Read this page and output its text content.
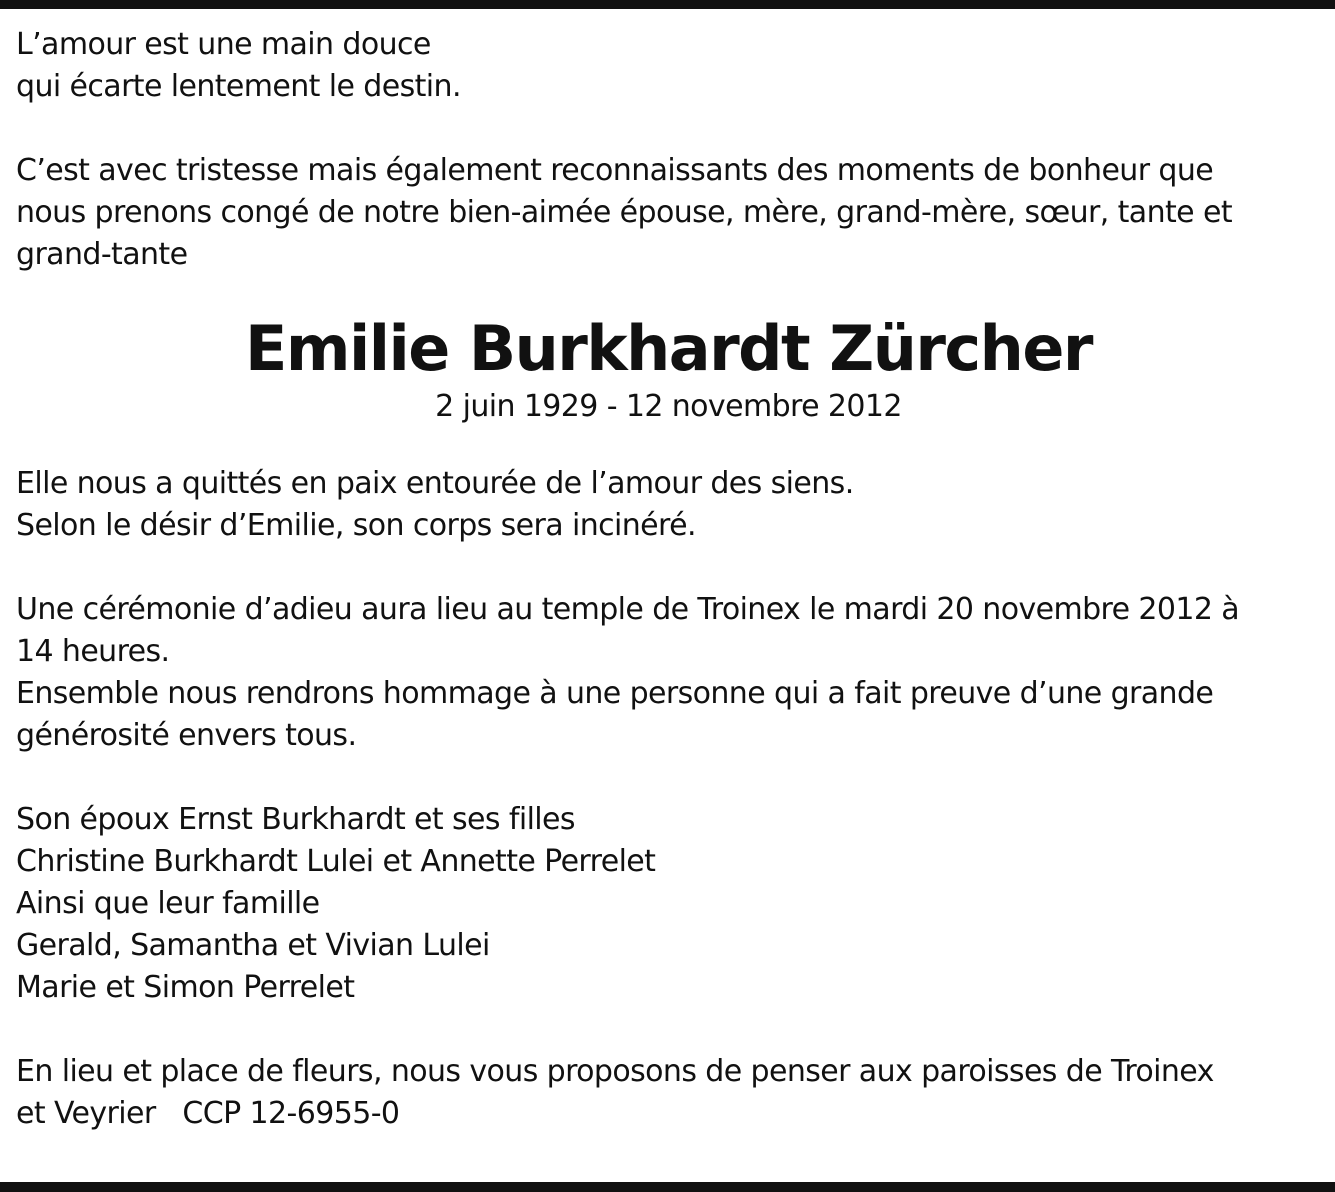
L’amour est une main douce
qui écarte lentement le destin.
C’est avec tristesse mais également reconnaissants des moments de bonheur que
nous prenons congé de notre bien-aimée épouse, mère, grand-mère, sœur, tante et
grand-tante
Emilie Burkhardt Zürcher
2 juin 1929 - 12 novembre 2012
Elle nous a quittés en paix entourée de l’amour des siens.
Selon le désir d’Emilie, son corps sera incinéré.
Une cérémonie d’adieu aura lieu au temple de Troinex le mardi 20 novembre 2012 à
14 heures.
Ensemble nous rendrons hommage à une personne qui a fait preuve d’une grande
générosité envers tous.
Son époux Ernst Burkhardt et ses filles
Christine Burkhardt Lulei et Annette Perrelet
Ainsi que leur famille
Gerald, Samantha et Vivian Lulei
Marie et Simon Perrelet
En lieu et place de fleurs, nous vous proposons de penser aux paroisses de Troinex
et Veyrier   CCP 12-6955-0
